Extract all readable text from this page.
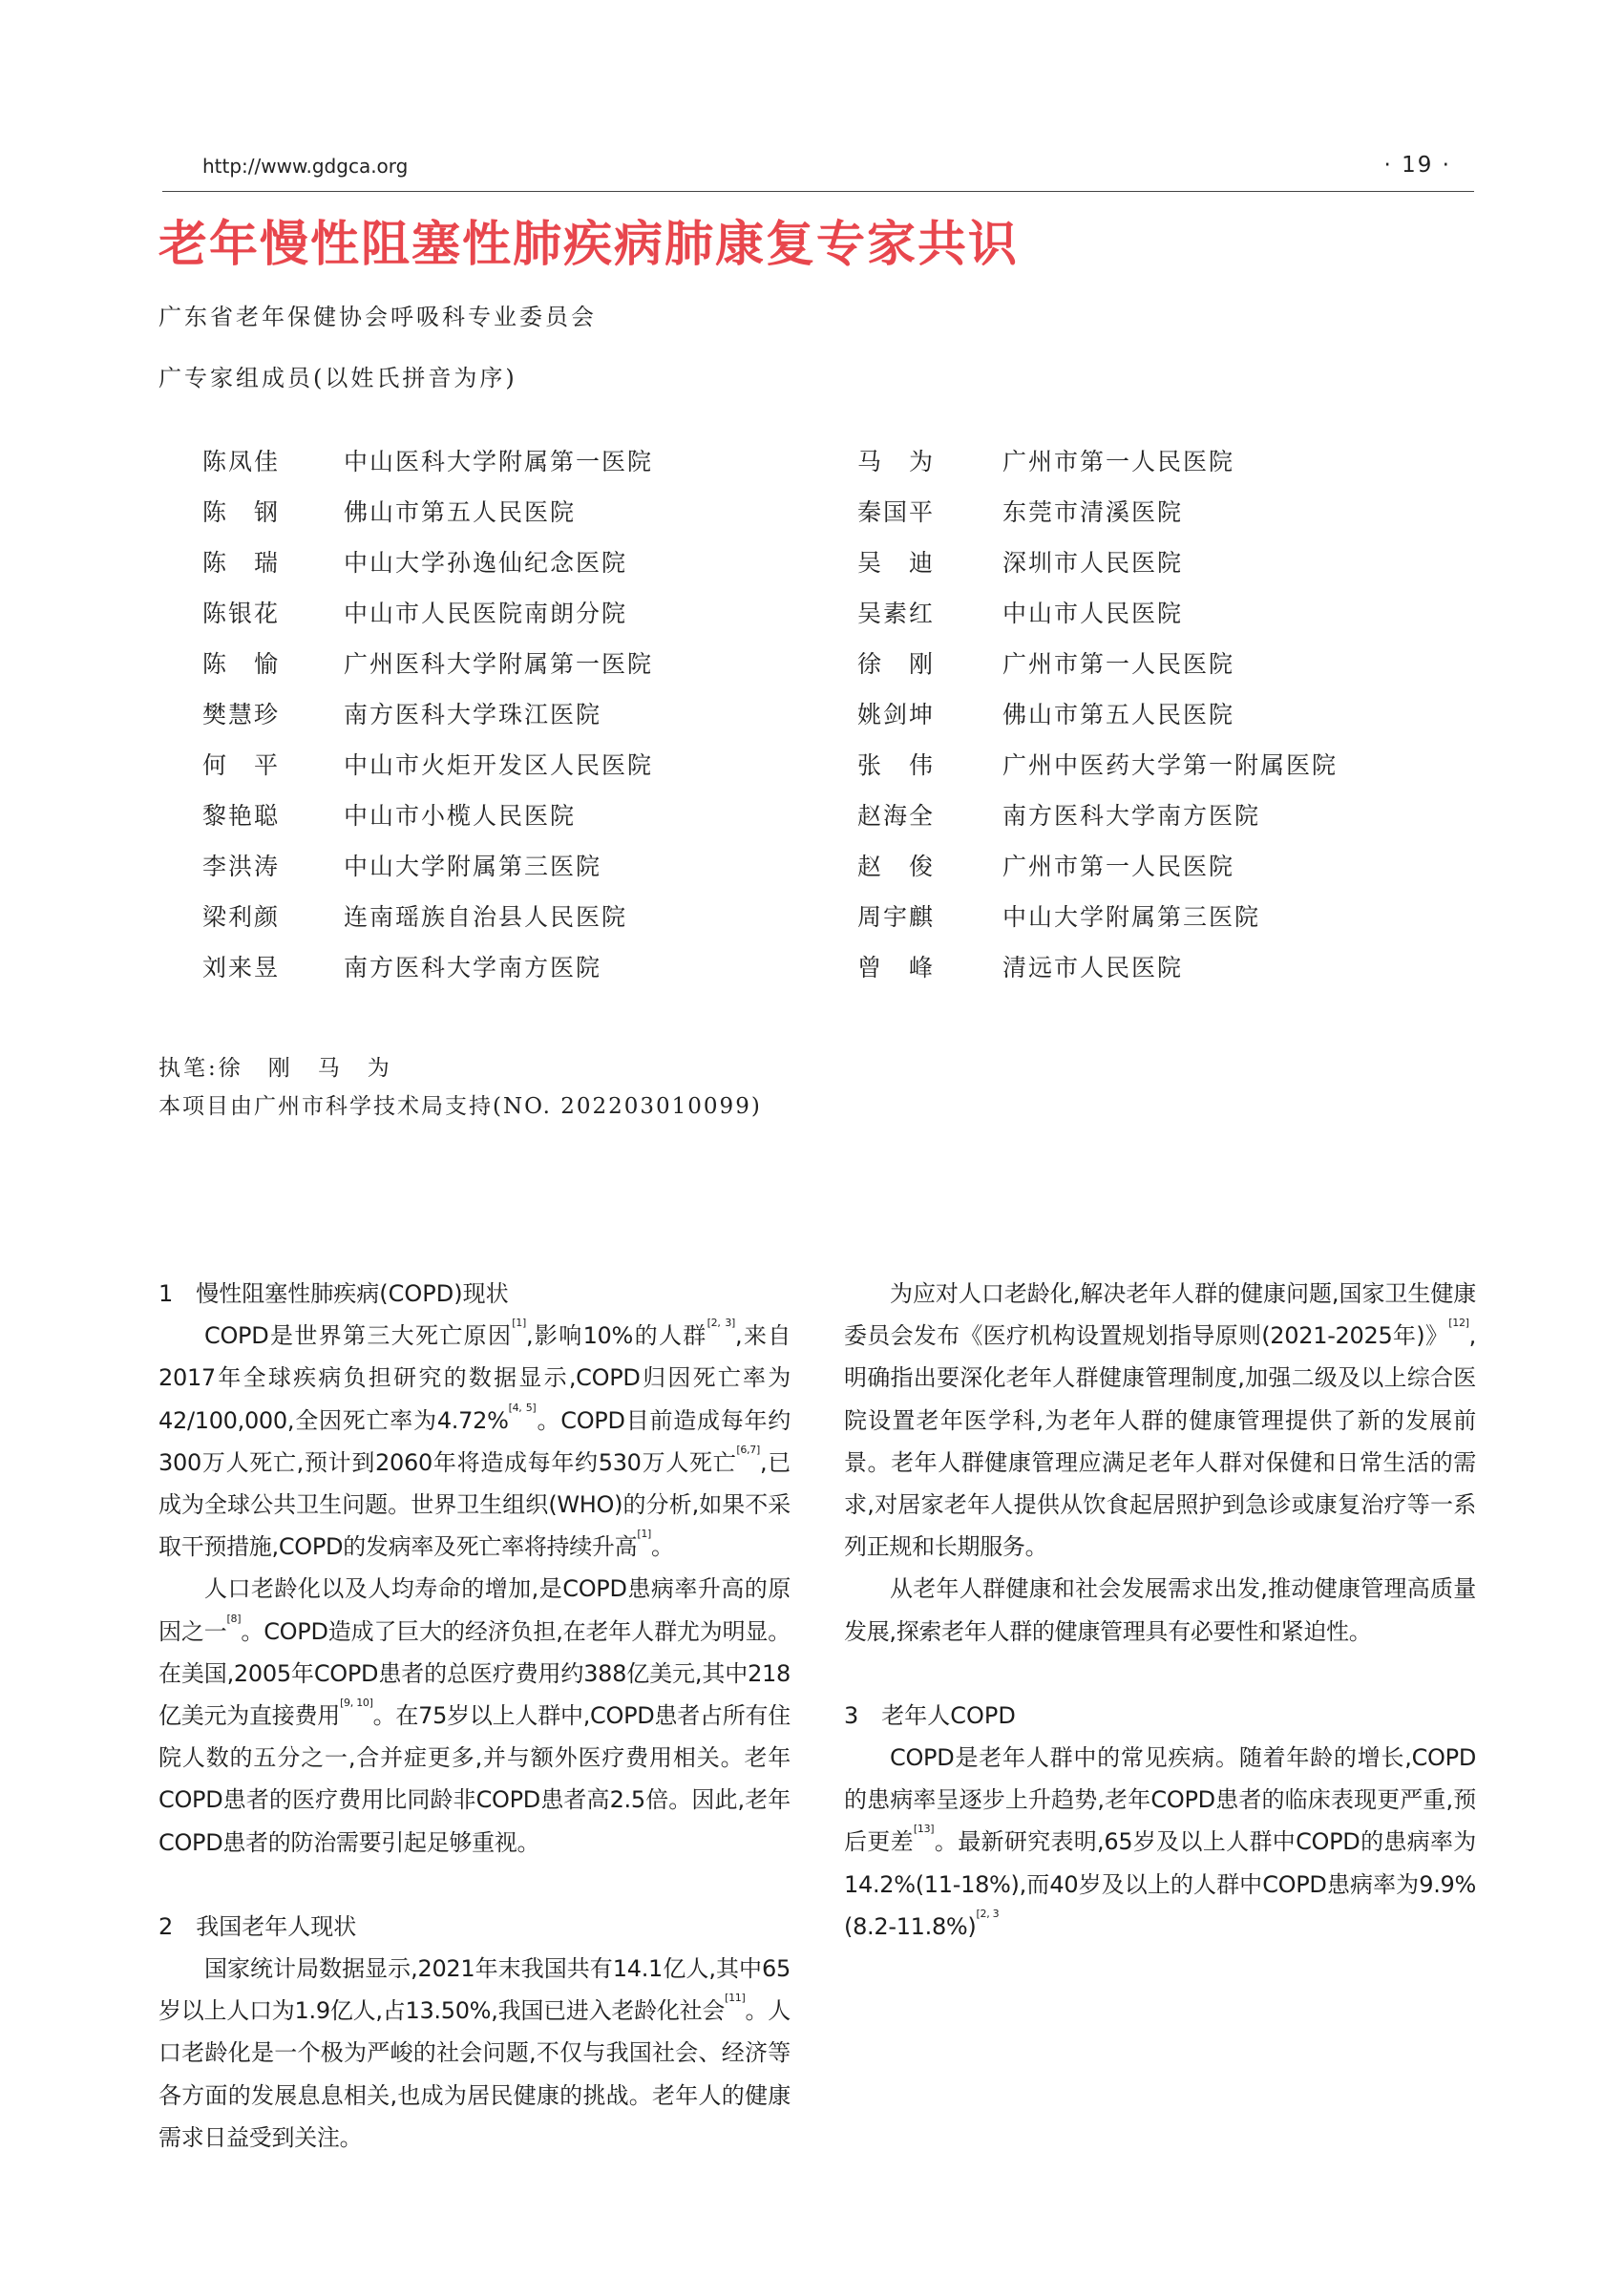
http://www.gdgca.org	· 19 ·
老年慢性阻塞性肺疾病肺康复专家共识
广东省老年保健协会呼吸科专业委员会
广专家组成员(以姓氏拼音为序)
陈凤佳	中山医科大学附属第一医院
陈　钢	佛山市第五人民医院
陈　瑞	中山大学孙逸仙纪念医院
陈银花	中山市人民医院南朗分院
陈　愉	广州医科大学附属第一医院
樊慧珍	南方医科大学珠江医院
何　平	中山市火炬开发区人民医院
黎艳聪	中山市小榄人民医院
李洪涛	中山大学附属第三医院
梁利颜	连南瑶族自治县人民医院
刘来昱	南方医科大学南方医院
马　为	广州市第一人民医院
秦国平	东莞市清溪医院
吴　迪	深圳市人民医院
吴素红	中山市人民医院
徐　刚	广州市第一人民医院
姚剑坤	佛山市第五人民医院
张　伟	广州中医药大学第一附属医院
赵海全	南方医科大学南方医院
赵　俊	广州市第一人民医院
周宇麒	中山大学附属第三医院
曾　峰	清远市人民医院
执笔:徐　刚　马　为
本项目由广州市科学技术局支持(NO. 202203010099)
1　慢性阻塞性肺疾病(COPD)现状

COPD是世界第三大死亡原因[1],影响10%的人群[2, 3],来自2017年全球疾病负担研究的数据显示,COPD归因死亡率为42/100,000,全因死亡率为4.72%[4, 5]。COPD目前造成每年约300万人死亡,预计到2060年将造成每年约530万人死亡[6,7],已成为全球公共卫生问题。世界卫生组织(WHO)的分析,如果不采取干预措施,COPD的发病率及死亡率将持续升高[1]。

人口老龄化以及人均寿命的增加,是COPD患病率升高的原因之一[8]。COPD造成了巨大的经济负担,在老年人群尤为明显。在美国,2005年COPD患者的总医疗费用约388亿美元,其中218亿美元为直接费用[9, 10]。在75岁以上人群中,COPD患者占所有住院人数的五分之一,合并症更多,并与额外医疗费用相关。老年COPD患者的医疗费用比同龄非COPD患者高2.5倍。因此,老年COPD患者的防治需要引起足够重视。

2　我国老年人现状

国家统计局数据显示,2021年末我国共有14.1亿人,其中65岁以上人口为1.9亿人,占13.50%,我国已进入老龄化社会[11]。人口老龄化是一个极为严峻的社会问题,不仅与我国社会、经济等各方面的发展息息相关,也成为居民健康的挑战。老年人的健康需求日益受到关注。

为应对人口老龄化,解决老年人群的健康问题,国家卫生健康委员会发布《医疗机构设置规划指导原则(2021-2025年)》[12],明确指出要深化老年人群健康管理制度,加强二级及以上综合医院设置老年医学科,为老年人群的健康管理提供了新的发展前景。老年人群健康管理应满足老年人群对保健和日常生活的需求,对居家老年人提供从饮食起居照护到急诊或康复治疗等一系列正规和长期服务。

从老年人群健康和社会发展需求出发,推动健康管理高质量发展,探索老年人群的健康管理具有必要性和紧迫性。

3　老年人COPD

COPD是老年人群中的常见疾病。随着年龄的增长,COPD的患病率呈逐步上升趋势,老年COPD患者的临床表现更严重,预后更差[13]。最新研究表明,65岁及以上人群中COPD的患病率为14.2%(11-18%),而40岁及以上的人群中COPD患病率为$9.9\%(8.2-11.8\%)^{[2, 3}$
